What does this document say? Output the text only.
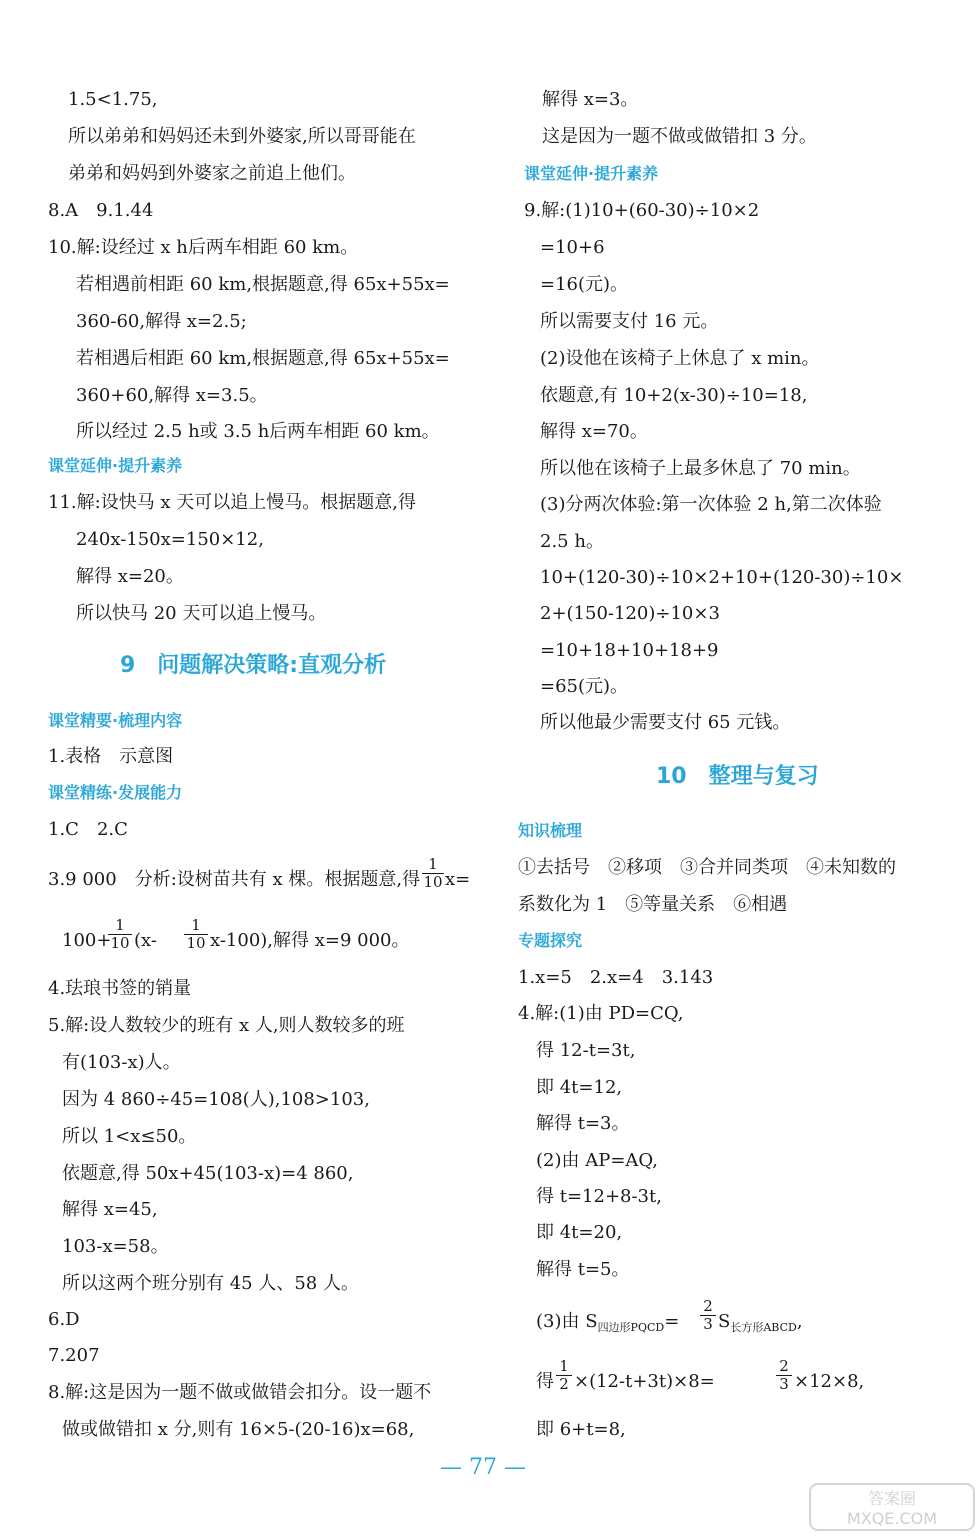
1.5<1.75,
所以弟弟和妈妈还未到外婆家,所以哥哥能在
弟弟和妈妈到外婆家之前追上他们。
8.A　9.1.44
10.解:设经过 x h后两车相距 60 km。
若相遇前相距 60 km,根据题意,得 65x+55x=
360-60,解得 x=2.5;
若相遇后相距 60 km,根据题意,得 65x+55x=
360+60,解得 x=3.5。
所以经过 2.5 h或 3.5 h后两车相距 60 km。
课堂延伸·提升素养
11.解:设快马 x 天可以追上慢马。根据题意,得
240x-150x=150×12,
解得 x=20。
所以快马 20 天可以追上慢马。
9　问题解决策略:直观分析
课堂精要·梳理内容
1.表格　示意图
课堂精练·发展能力
1.C　2.C
3.9 000　分析:设树苗共有 x 棵。根据题意,得 $\frac{1}{10} x=$
100+
$\frac{1}{10} (x- \frac{1}{10} x-100)$,解得 x=9 000。
4.珐琅书签的销量
5.解:设人数较少的班有 x 人,则人数较多的班
有(103-x)人。
因为 4 860÷45=108(人),108>103,
所以 1<x≤50。
依题意,得 50x+45(103-x)=4 860,
解得 x=45,
103-x=58。
所以这两个班分别有 45 人、58 人。
6.D
7.207
8.解:这是因为一题不做或做错会扣分。设一题不
做或做错扣 x 分,则有 16×5-(20-16)x=68,
解得 x=3。
这是因为一题不做或做错扣 3 分。
课堂延伸·提升素养
9.解:(1)10+(60-30)÷10×2
=10+6
=16(元)。
所以需要支付 16 元。
(2)设他在该椅子上休息了 x min。
依题意,有 10+2(x-30)÷10=18,
解得 x=70。
所以他在该椅子上最多休息了 70 min。
(3)分两次体验:第一次体验 2 h,第二次体验
2.5 h。
10+(120-30)÷10×2+10+(120-30)÷10×
2+(150-120)÷10×3
=10+18+10+18+9
=65(元)。
所以他最少需要支付 65 元钱。
10　整理与复习
知识梳理
①去括号　②移项　③合并同类项　④未知数的
系数化为 1　⑤等量关系　⑥相遇
专题探究
1.x=5　2.x=4　3.143
4.解:(1)由 PD=CQ,
得 12-t=3t,
即 4t=12,
解得 t=3。
(2)由 AP=AQ,
得 t=12+8-3t,
即 4t=20,
解得 t=5。
(3)由 $S_{四边形PQCD}= \frac{2}{3} S_{长方形ABCD}$,
得 $\frac{1}{2} \times(12-t+3t)\times 8=$	$\frac{2}{3} \times 12\times 8$,
即 6+t=8,
— 77 —
答案圈
MXQE.COM
